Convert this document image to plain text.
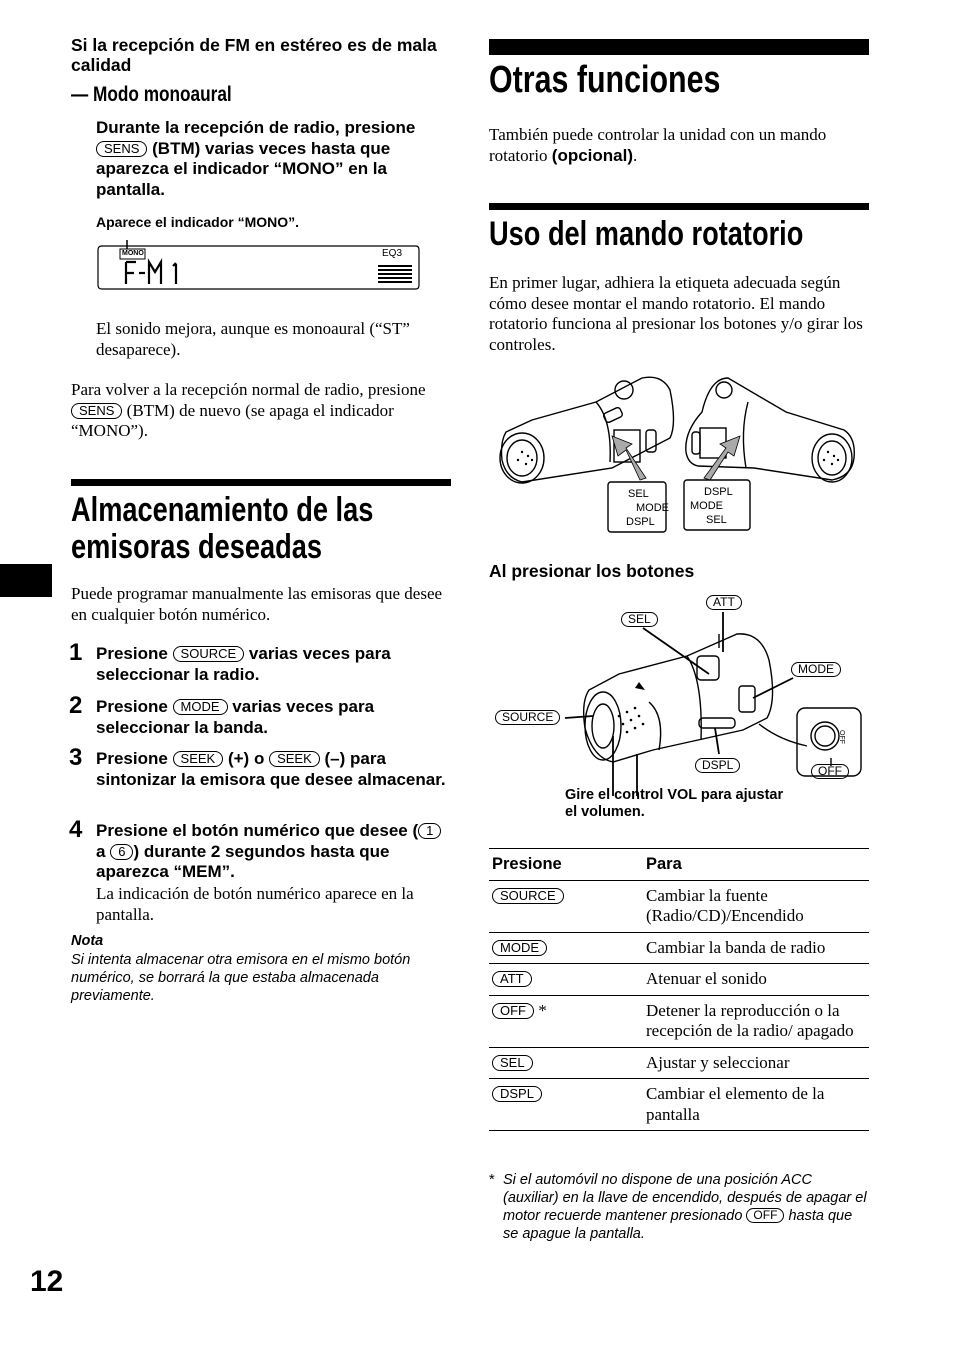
Si la recepción de FM en estéreo es de mala calidad
— Modo monoaural
Durante la recepción de radio, presione SENS (BTM) varias veces hasta que aparezca el indicador “MONO” en la pantalla.
Aparece el indicador “MONO”.
MONO	EQ3
El sonido mejora, aunque es monoaural (“ST” desaparece).
Para volver a la recepción normal de radio, presione SENS (BTM) de nuevo (se apaga el indicador “MONO”).
Almacenamiento de las
emisoras deseadas
Puede programar manualmente las emisoras que desee en cualquier botón numérico.
1 Presione SOURCE varias veces para seleccionar la radio.
2 Presione MODE varias veces para seleccionar la banda.
3 Presione SEEK (+) o SEEK (–) para sintonizar la emisora que desee almacenar.
4 Presione el botón numérico que desee ( 1 a 6 ) durante 2 segundos hasta que aparezca “MEM”.
La indicación de botón numérico aparece en la pantalla.
Nota
Si intenta almacenar otra emisora en el mismo botón numérico, se borrará la que estaba almacenada previamente.
12
Otras funciones
También puede controlar la unidad con un mando rotatorio (opcional).
Uso del mando rotatorio
En primer lugar, adhiera la etiqueta adecuada según cómo desee montar el mando rotatorio. El mando rotatorio funciona al presionar los botones y/o girar los controles.
SEL
MODE
DSPL
DSPL
MODE
SEL
Al presionar los botones
ATT
SEL
MODE
SOURCE
DSPL	OFF
OFF
Gire el control VOL para ajustar el volumen.
Presione	Para
SOURCE	Cambiar la fuente (Radio/CD)/Encendido
MODE	Cambiar la banda de radio
ATT	Atenuar el sonido
OFF *	Detener la reproducción o la recepción de la radio/ apagado
SEL	Ajustar y seleccionar
DSPL	Cambiar el elemento de la pantalla
* Si el automóvil no dispone de una posición ACC (auxiliar) en la llave de encendido, después de apagar el motor recuerde mantener presionado OFF hasta que se apague la pantalla.
